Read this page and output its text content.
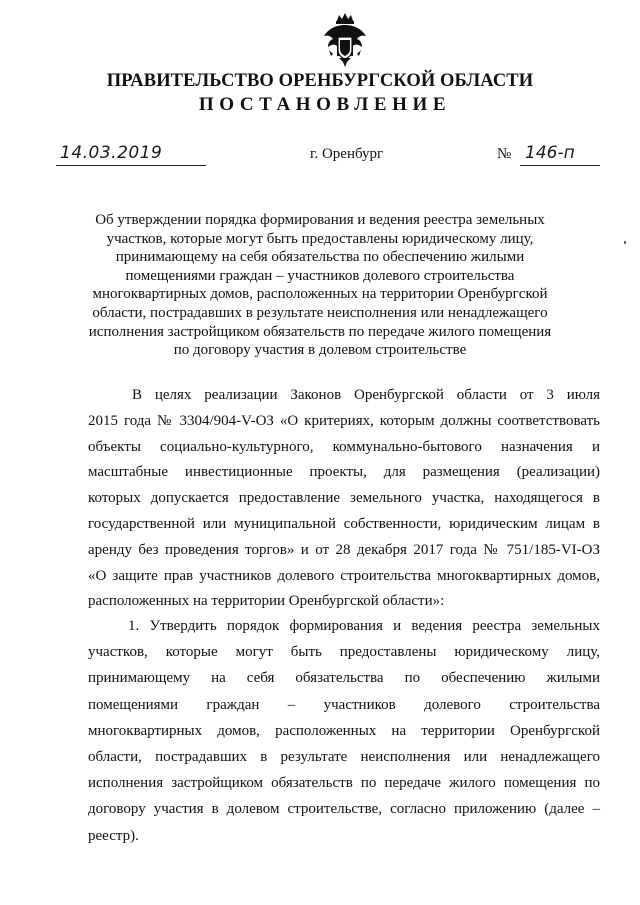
ПРАВИТЕЛЬСТВО ОРЕНБУРГСКОЙ ОБЛАСТИ
ПОСТАНОВЛЕНИЕ
14.03.2019	г. Оренбург	№ 146-п
Об утверждении порядка формирования и ведения реестра земельных
участков, которые могут быть предоставлены юридическому лицу,
принимающему на себя обязательства по обеспечению жилыми
помещениями граждан – участников долевого строительства
многоквартирных домов, расположенных на территории Оренбургской
области, пострадавших в результате неисполнения или ненадлежащего
исполнения застройщиком обязательств по передаче жилого помещения
по договору участия в долевом строительстве
В целях реализации Законов Оренбургской области от 3 июля
2015 года № 3304/904-V-ОЗ «О критериях, которым должны соответствовать
объекты социально-культурного, коммунально-бытового назначения и
масштабные инвестиционные проекты, для размещения (реализации)
которых допускается предоставление земельного участка, находящегося в
государственной или муниципальной собственности, юридическим лицам в
аренду без проведения торгов» и от 28 декабря 2017 года № 751/185-VI-ОЗ
«О защите прав участников долевого строительства многоквартирных домов,
расположенных на территории Оренбургской области»:
1. Утвердить порядок формирования и ведения реестра земельных
участков, которые могут быть предоставлены юридическому лицу,
принимающему на себя обязательства по обеспечению жилыми
помещениями граждан – участников долевого строительства
многоквартирных домов, расположенных на территории Оренбургской
области, пострадавших в результате неисполнения или ненадлежащего
исполнения застройщиком обязательств по передаче жилого помещения по
договору участия в долевом строительстве, согласно приложению (далее –
реестр).
